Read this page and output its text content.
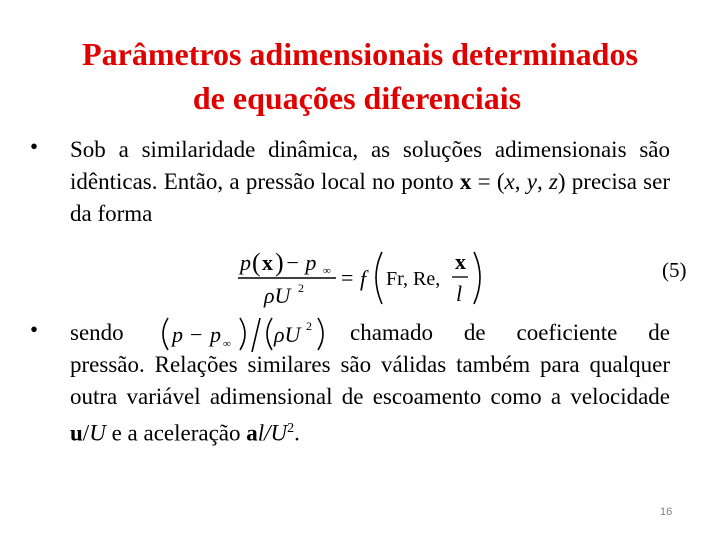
Parâmetros adimensionais determinados
de equações diferenciais
• Sob a similaridade dinâmica, as soluções adimensionais são idênticas. Então, a pressão local no ponto x = (x, y, z) precisa ser da forma
p ( x ) − p ∞
ρU 2 = f Fr, Re,
x
l
(5)
• sendo p − p ∞ ρU 2	chamado de coeficiente de pressão. Relações similares são válidas também para qualquer outra variável adimensional de escoamento como a velocidade u/U e a aceleração $al/U^2$.
16
